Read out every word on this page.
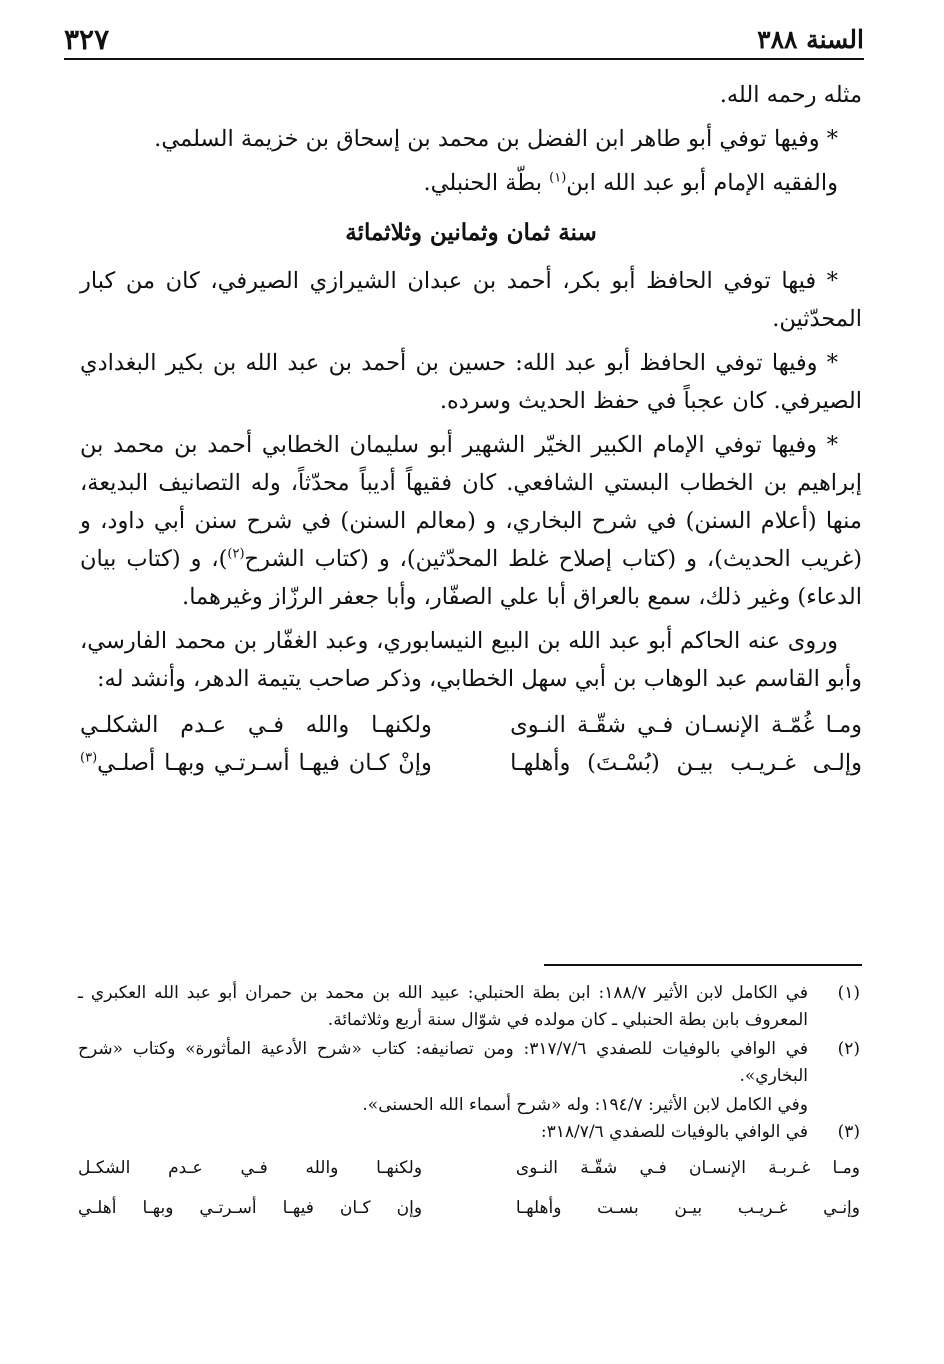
السنة ٣٨٨
٣٢٧

مثله رحمه الله.

* وفيها توفي أبو طاهر ابن الفضل بن محمد بن إسحاق بن خزيمة السلمي.

والفقيه الإمام أبو عبد الله ابن$^{(١)}$ بطّة الحنبلي.

سنة ثمان وثمانين وثلاثمائة

* فيها توفي الحافظ أبو بكر، أحمد بن عبدان الشيرازي الصيرفي، كان من كبار المحدّثين.

* وفيها توفي الحافظ أبو عبد الله: حسين بن أحمد بن عبد الله بن بكير البغدادي الصيرفي. كان عجباً في حفظ الحديث وسرده.

* وفيها توفي الإمام الكبير الخيّر الشهير أبو سليمان الخطابي أحمد بن محمد بن إبراهيم بن الخطاب البستي الشافعي. كان فقيهاً أديباً محدّثاً، وله التصانيف البديعة، منها (أعلام السنن) في شرح البخاري، و (معالم السنن) في شرح سنن أبي داود، و (غريب الحديث)، و (كتاب إصلاح غلط المحدّثين)، و (كتاب الشرح$^{(٢)}$)، و (كتاب بيان الدعاء) وغير ذلك، سمع بالعراق أبا علي الصفّار، وأبا جعفر الرزّاز وغيرهما.

وروى عنه الحاكم أبو عبد الله بن البيع النيسابوري، وعبد الغفّار بن محمد الفارسي، وأبو القاسم عبد الوهاب بن أبي سهل الخطابي، وذكر صاحب يتيمة الدهر، وأنشد له:

ومـا غُمّـة الإنسـان فـي شقّـة النـوى
ولكنهـا والله فـي عـدم الشكلـي
وإلـى غـريـب بيـن (بُسْـتَ) وأهلهـا
وإنْ كـان فيهـا أسـرتـي وبهـا أصلـي$^{(٣)}$
(١)
في الكامل لابن الأثير ١٨٨/٧: ابن بطة الحنبلي: عبيد الله بن محمد بن حمران أبو عبد الله العكبري ـ المعروف بابن بطة الحنبلي ـ كان مولده في شوّال سنة أربع وثلاثمائة.
(٢)
في الوافي بالوفيات للصفدي ٣١٧/٧/٦: ومن تصانيفه: كتاب «شرح الأدعية المأثورة» وكتاب «شرح البخاري».
وفي الكامل لابن الأثير: ١٩٤/٧: وله «شرح أسماء الله الحسنى».
(٣)
في الوافي بالوفيات للصفدي ٣١٨/٧/٦:
ومـا غـربـة الإنسـان فـي شقّـة النـوى
ولكنهـا والله فـي عـدم الشكـل
وإنـي غـريـب بيـن بسـت وأهلهـا
وإن كـان فيهـا أسـرتـي وبهـا أهلـي
